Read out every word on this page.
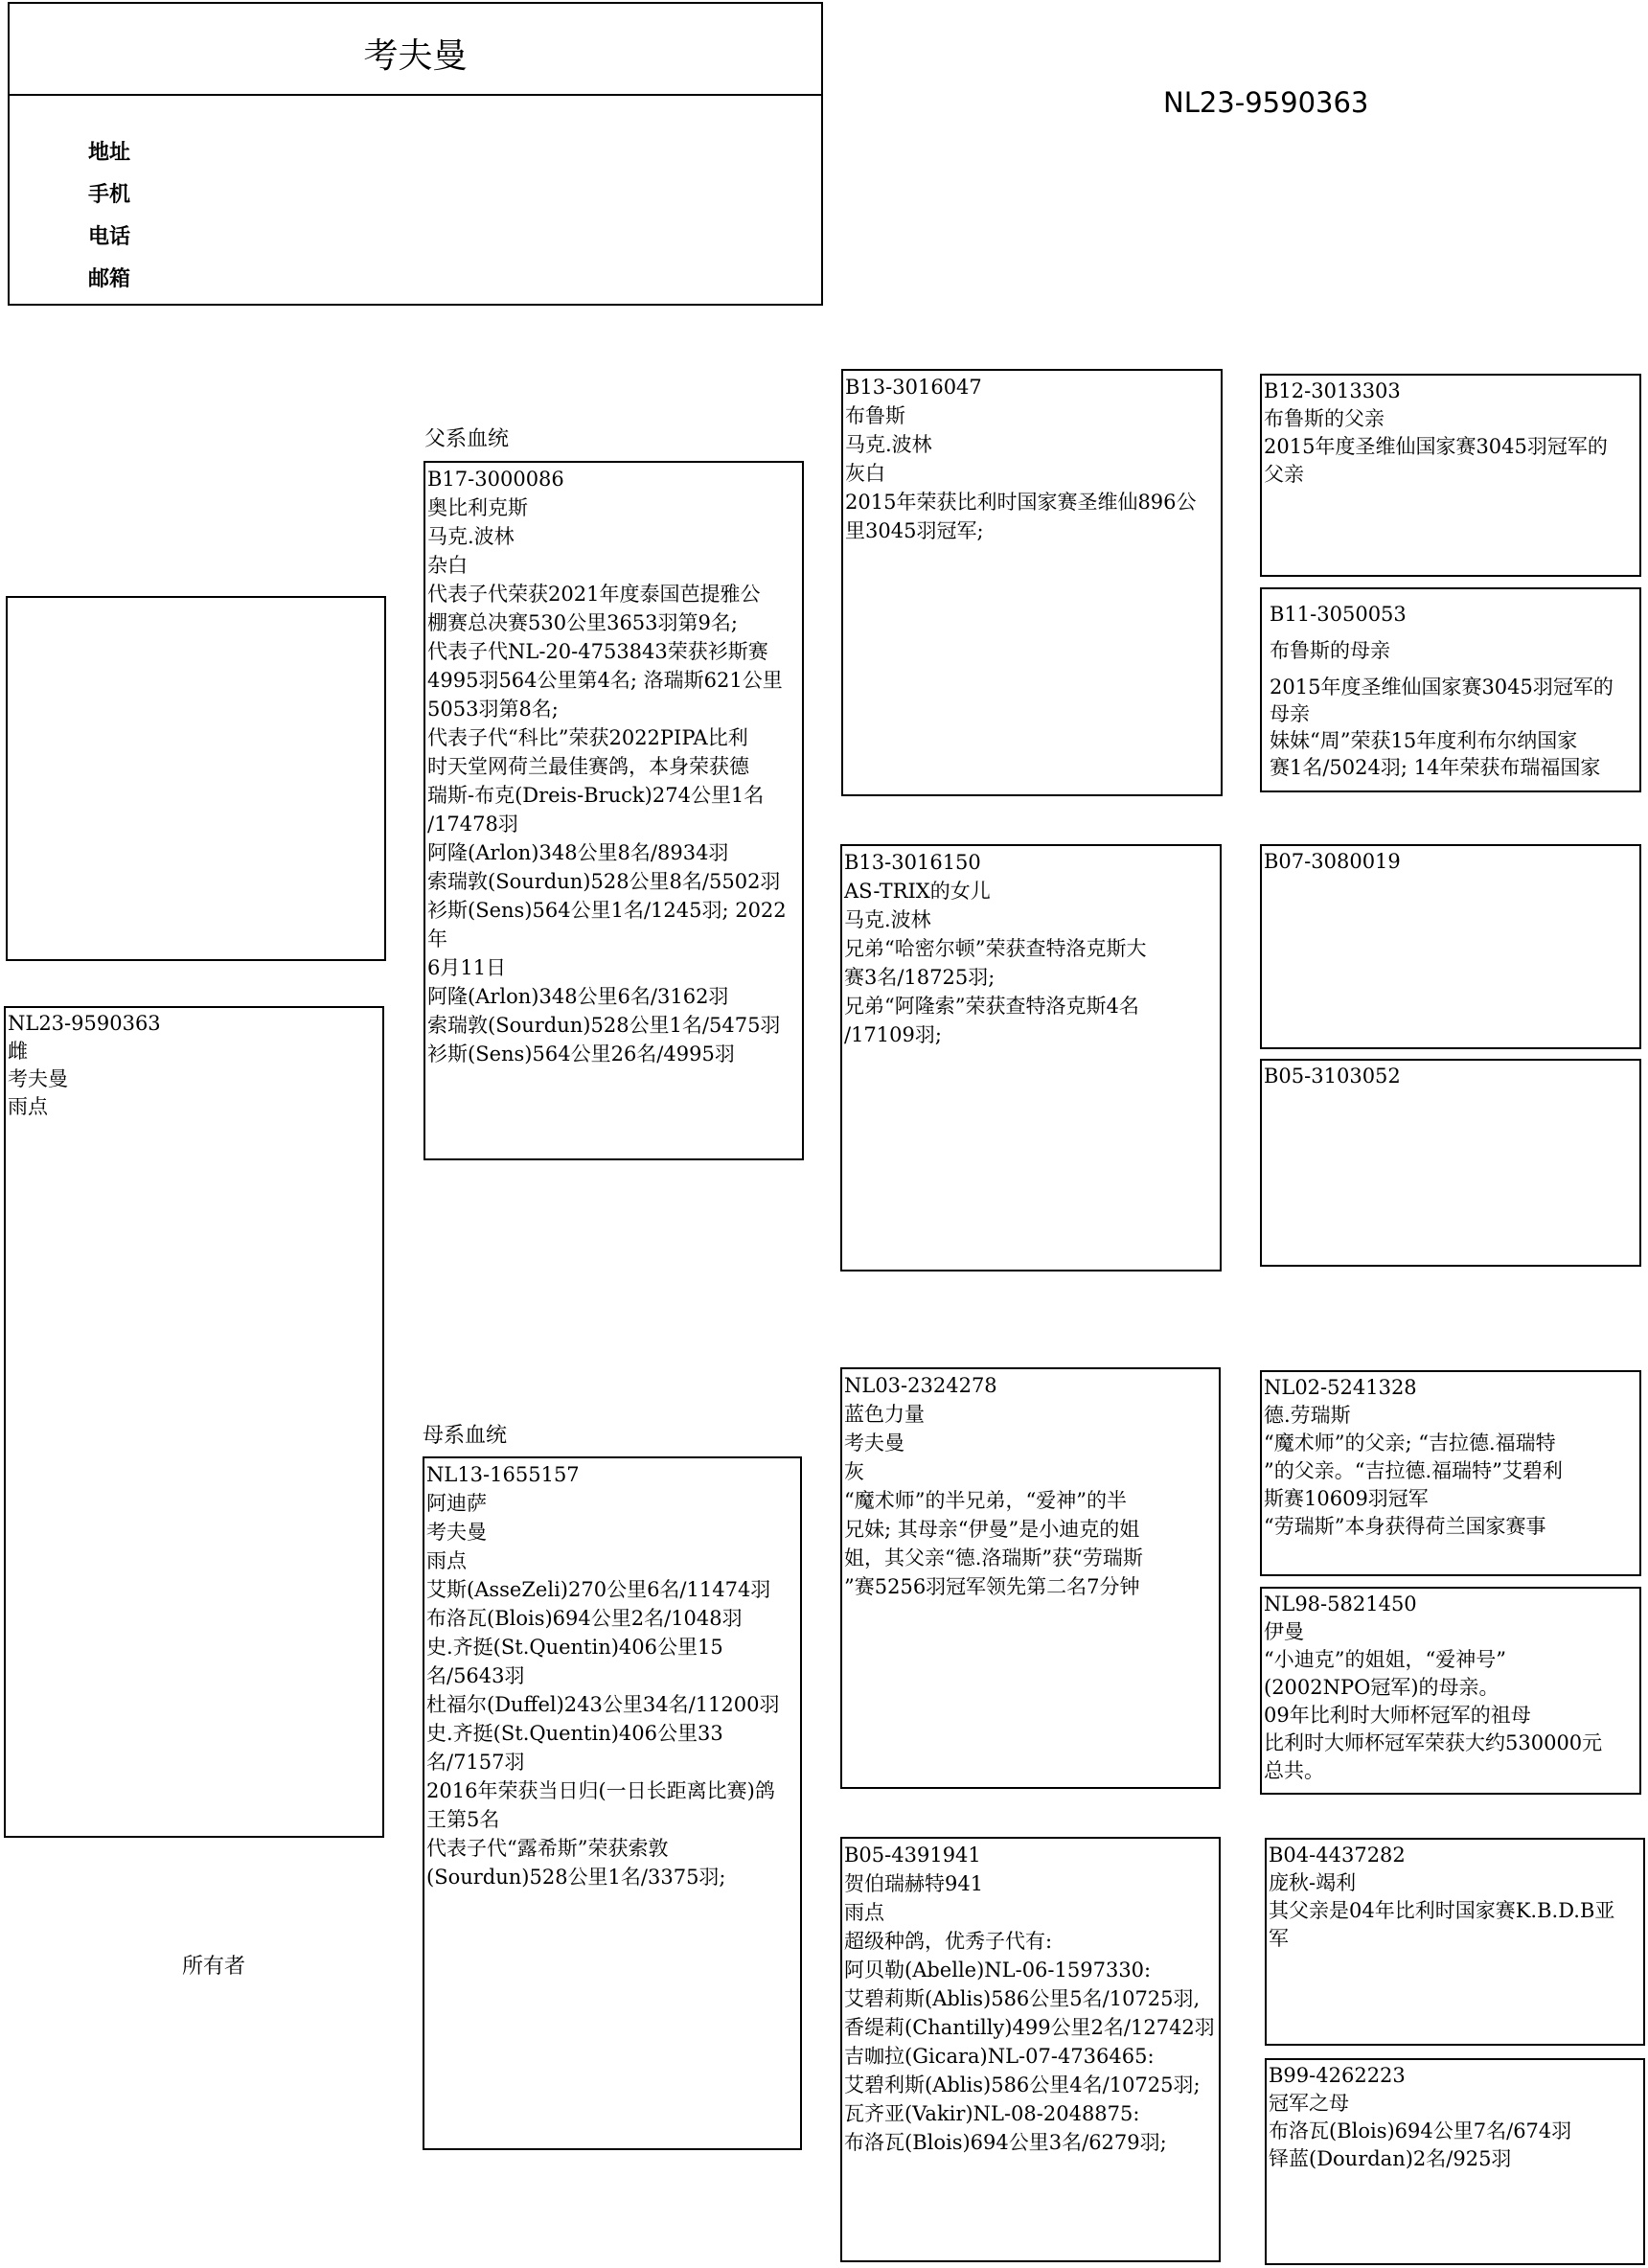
考夫曼
地址
手机
电话
邮箱
NL23-9590363
NL23-9590363
雌
考夫曼
雨点
所有者
父系血统
母系血统
B17-3000086
奥比利克斯
马克.波林
杂白
代表子代荣获2021年度泰国芭提雅公
棚赛总决赛530公里3653羽第9名;
代表子代NL-20-4753843荣获衫斯赛
4995羽564公里第4名; 洛瑞斯621公里
5053羽第8名;
代表子代“科比”荣获2022PIPA比利
时天堂网荷兰最佳赛鸽，本身荣获德
瑞斯-布克(Dreis-Bruck)274公里1名
/17478羽
阿隆(Arlon)348公里8名/8934羽
索瑞敦(Sourdun)528公里8名/5502羽
衫斯(Sens)564公里1名/1245羽; 2022年
6月11日
阿隆(Arlon)348公里6名/3162羽
索瑞敦(Sourdun)528公里1名/5475羽
衫斯(Sens)564公里26名/4995羽
NL13-1655157
阿迪萨
考夫曼
雨点
艾斯(AsseZeli)270公里6名/11474羽
布洛瓦(Blois)694公里2名/1048羽
史.齐挺(St.Quentin)406公里15名/5643羽
杜福尔(Duffel)243公里34名/11200羽
史.齐挺(St.Quentin)406公里33名/7157羽
2016年荣获当日归(一日长距离比赛)鸽
王第5名
代表子代“露希斯”荣获索敦
(Sourdun)528公里1名/3375羽;
B13-3016047
布鲁斯
马克.波林
灰白
2015年荣获比利时国家赛圣维仙896公
里3045羽冠军;
B13-3016150
AS-TRIX的女儿
马克.波林
兄弟“哈密尔顿”荣获查特洛克斯大
赛3名/18725羽;
兄弟“阿隆索”荣获查特洛克斯4名
/17109羽;
NL03-2324278
蓝色力量
考夫曼
灰
“魔术师”的半兄弟，“爱神”的半
兄妹; 其母亲“伊曼”是小迪克的姐
姐，其父亲“德.洛瑞斯”获“劳瑞斯
”赛5256羽冠军领先第二名7分钟
B05-4391941
贺伯瑞赫特941
雨点
超级种鸽，优秀子代有:
阿贝勒(Abelle)NL-06-1597330:
艾碧莉斯(Ablis)586公里5名/10725羽,
香缇莉(Chantilly)499公里2名/12742羽
吉咖拉(Gicara)NL-07-4736465:
艾碧利斯(Ablis)586公里4名/10725羽;
瓦齐亚(Vakir)NL-08-2048875:
布洛瓦(Blois)694公里3名/6279羽;
B12-3013303
布鲁斯的父亲
2015年度圣维仙国家赛3045羽冠军的
父亲
B11-3050053
布鲁斯的母亲
2015年度圣维仙国家赛3045羽冠军的
母亲
妹妹“周”荣获15年度利布尔纳国家
赛1名/5024羽; 14年荣获布瑞福国家
B07-3080019
B05-3103052
NL02-5241328
德.劳瑞斯
“魔术师”的父亲; “吉拉德.福瑞特
”的父亲。“吉拉德.福瑞特”艾碧利
斯赛10609羽冠军
“劳瑞斯”本身获得荷兰国家赛事
NL98-5821450
伊曼
“小迪克”的姐姐，“爱神号”
(2002NPO冠军)的母亲。
09年比利时大师杯冠军的祖母
比利时大师杯冠军荣获大约530000元
总共。
B04-4437282
庞秋-竭利
其父亲是04年比利时国家赛K.B.D.B亚
军
B99-4262223
冠军之母
布洛瓦(Blois)694公里7名/674羽
铎蓝(Dourdan)2名/925羽
